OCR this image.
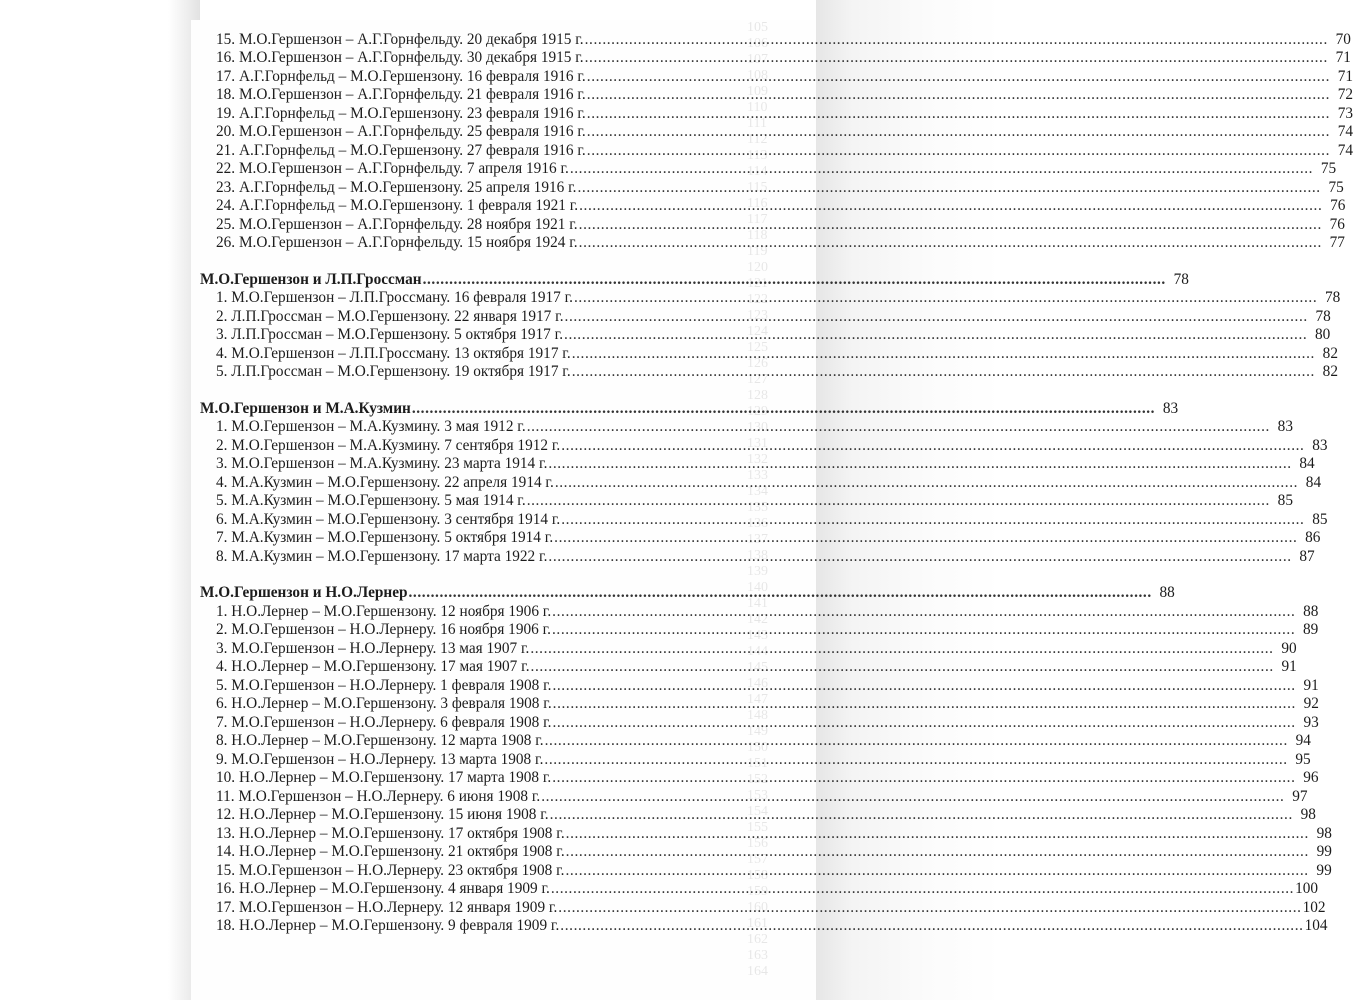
15. М.О.Гершензон – А.Г.Горнфельду. 20 декабря 1915 г. .....	70
16. М.О.Гершензон – А.Г.Горнфельду. 30 декабря 1915 г. .....	71
17. А.Г.Горнфельд – М.О.Гершензону. 16 февраля 1916 г. .....	71
18. М.О.Гершензон – А.Г.Горнфельду. 21 февраля 1916 г. .....	72
19. А.Г.Горнфельд – М.О.Гершензону. 23 февраля 1916 г. .....	73
20. М.О.Гершензон – А.Г.Горнфельду. 25 февраля 1916 г. .....	74
21. А.Г.Горнфельд – М.О.Гершензону. 27 февраля 1916 г. .....	74
22. М.О.Гершензон – А.Г.Горнфельду. 7 апреля 1916 г. .....	75
23. А.Г.Горнфельд – М.О.Гершензону. 25 апреля 1916 г. .....	75
24. А.Г.Горнфельд – М.О.Гершензону. 1 февраля 1921 г. .....	76
25. М.О.Гершензон – А.Г.Горнфельду. 28 ноября 1921 г. .....	76
26. М.О.Гершензон – А.Г.Горнфельду. 15 ноября 1924 г. .....	77
М.О.Гершензон и Л.П.Гроссман .....	78
1. М.О.Гершензон – Л.П.Гроссману. 16 февраля 1917 г. .....	78
2. Л.П.Гроссман – М.О.Гершензону. 22 января 1917 г. .....	78
3. Л.П.Гроссман – М.О.Гершензону. 5 октября 1917 г. .....	80
4. М.О.Гершензон – Л.П.Гроссману. 13 октября 1917 г. .....	82
5. Л.П.Гроссман – М.О.Гершензону. 19 октября 1917 г. .....	82
М.О.Гершензон и М.А.Кузмин .....	83
1. М.О.Гершензон – М.А.Кузмину. 3 мая 1912 г. .....	83
2. М.О.Гершензон – М.А.Кузмину. 7 сентября 1912 г. .....	83
3. М.О.Гершензон – М.А.Кузмину. 23 марта 1914 г. .....	84
4. М.А.Кузмин – М.О.Гершензону. 22 апреля 1914 г. .....	84
5. М.А.Кузмин – М.О.Гершензону. 5 мая 1914 г. .....	85
6. М.А.Кузмин – М.О.Гершензону. 3 сентября 1914 г. .....	85
7. М.А.Кузмин – М.О.Гершензону. 5 октября 1914 г. .....	86
8. М.А.Кузмин – М.О.Гершензону. 17 марта 1922 г. .....	87
М.О.Гершензон и Н.О.Лернер .....	88
1. Н.О.Лернер – М.О.Гершензону. 12 ноября 1906 г. .....	88
2. М.О.Гершензон – Н.О.Лернеру. 16 ноября 1906 г. .....	89
3. М.О.Гершензон – Н.О.Лернеру. 13 мая 1907 г. .....	90
4. Н.О.Лернер – М.О.Гершензону. 17 мая 1907 г. .....	91
5. М.О.Гершензон – Н.О.Лернеру. 1 февраля 1908 г. .....	91
6. Н.О.Лернер – М.О.Гершензону. 3 февраля 1908 г. .....	92
7. М.О.Гершензон – Н.О.Лернеру. 6 февраля 1908 г. .....	93
8. Н.О.Лернер – М.О.Гершензону. 12 марта 1908 г. .....	94
9. М.О.Гершензон – Н.О.Лернеру. 13 марта 1908 г. .....	95
10. Н.О.Лернер – М.О.Гершензону. 17 марта 1908 г. .....	96
11. М.О.Гершензон – Н.О.Лернеру. 6 июня 1908 г. .....	97
12. Н.О.Лернер – М.О.Гершензону. 15 июня 1908 г. .....	98
13. Н.О.Лернер – М.О.Гершензону. 17 октября 1908 г. .....	98
14. Н.О.Лернер – М.О.Гершензону. 21 октября 1908 г. .....	99
15. М.О.Гершензон – Н.О.Лернеру. 23 октября 1908 г. .....	99
16. Н.О.Лернер – М.О.Гершензону. 4 января 1909 г. .....	100
17. М.О.Гершензон – Н.О.Лернеру. 12 января 1909 г. .....	102
18. Н.О.Лернер – М.О.Гершензону. 9 февраля 1909 г. .....	104
